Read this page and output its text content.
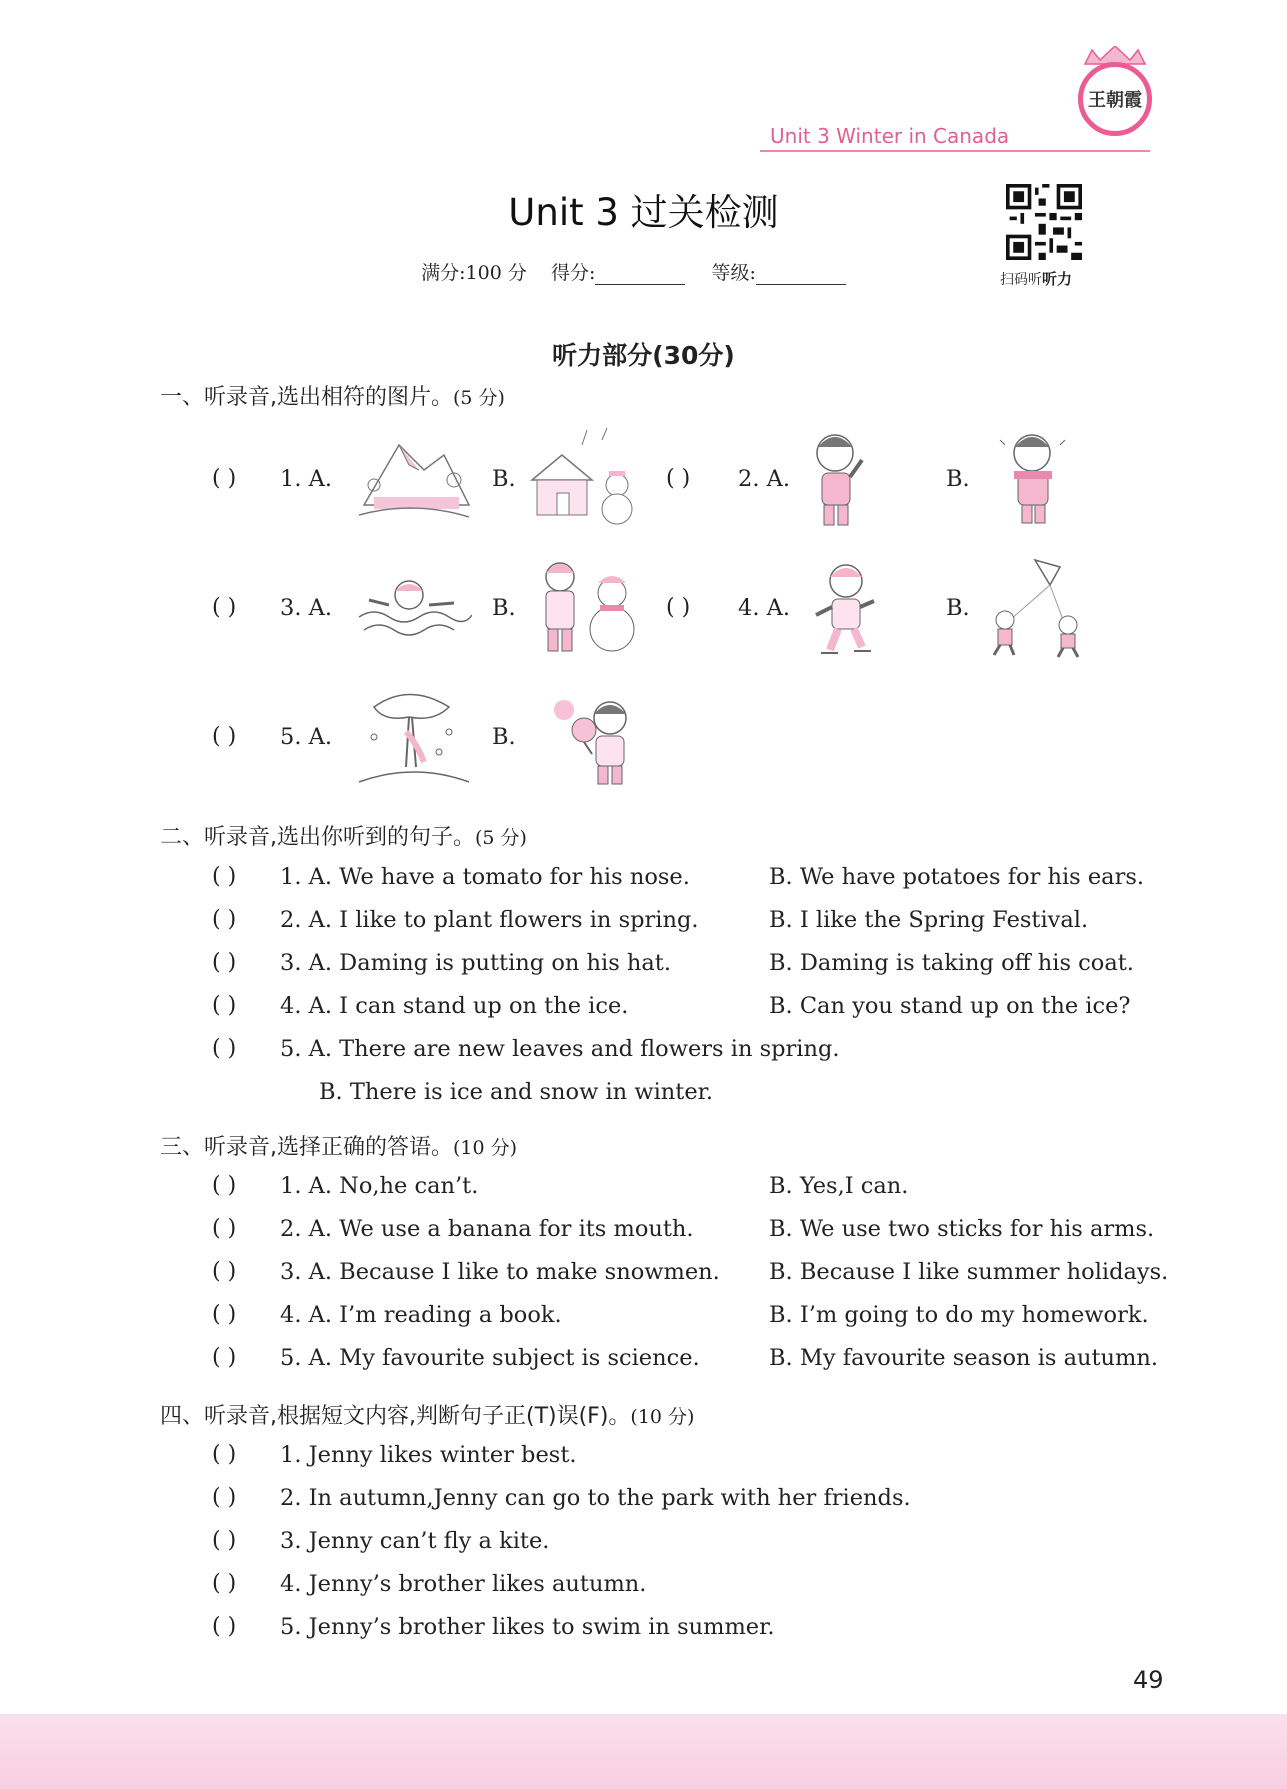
Unit 3 Winter in Canada
王朝霞
Unit 3 过关检测
满分:100 分 得分:	等级:	扫码听听力
听力部分(30分)
一、听录音,选出相符的图片。(5 分)
( ) 1. A.	B.	( ) 2. A.	B.
( ) 3. A.	B.	( ) 4. A.	B.
( ) 5. A.	B.
二、听录音,选出你听到的句子。(5 分)
三、听录音,选择正确的答语。(10 分)
四、听录音,根据短文内容,判断句子正(T)误(F)。(10 分)
( ) 1. A. We have a tomato for his nose.	B. We have potatoes for his ears.
( ) 2. A. I like to plant flowers in spring.	B. I like the Spring Festival.
( ) 3. A. Daming is putting on his hat.	B. Daming is taking off his coat.
( ) 4. A. I can stand up on the ice.	B. Can you stand up on the ice?
( ) 5. A. There are new leaves and flowers in spring.
B. There is ice and snow in winter.
( ) 1. A. No,he can’t.	B. Yes,I can.
( ) 2. A. We use a banana for its mouth.	B. We use two sticks for his arms.
( ) 3. A. Because I like to make snowmen. B. Because I like summer holidays.
( ) 4. A. I’m reading a book.	B. I’m going to do my homework.
( ) 5. A. My favourite subject is science.	B. My favourite season is autumn.
( ) 1. Jenny likes winter best.
( ) 2. In autumn,Jenny can go to the park with her friends.
( ) 3. Jenny can’t fly a kite.
( ) 4. Jenny’s brother likes autumn.
( ) 5. Jenny’s brother likes to swim in summer.
49
